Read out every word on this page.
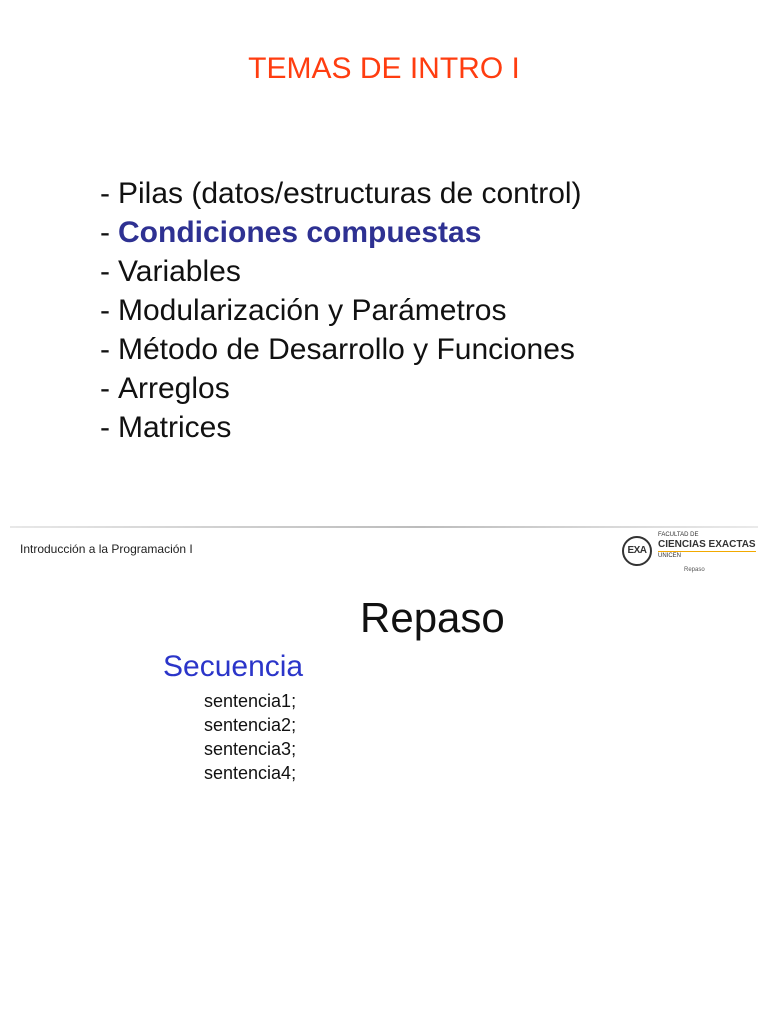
TEMAS DE INTRO I
- Pilas (datos/estructuras de control)
- Condiciones compuestas
- Variables
- Modularización y Parámetros
- Método de Desarrollo y Funciones
- Arreglos
- Matrices
Introducción a la Programación I	EXA
FACULTAD DE
CIENCIAS EXACTAS
UNICEN
Repaso
Repaso
Secuencia
sentencia1;
sentencia2;
sentencia3;
sentencia4;
